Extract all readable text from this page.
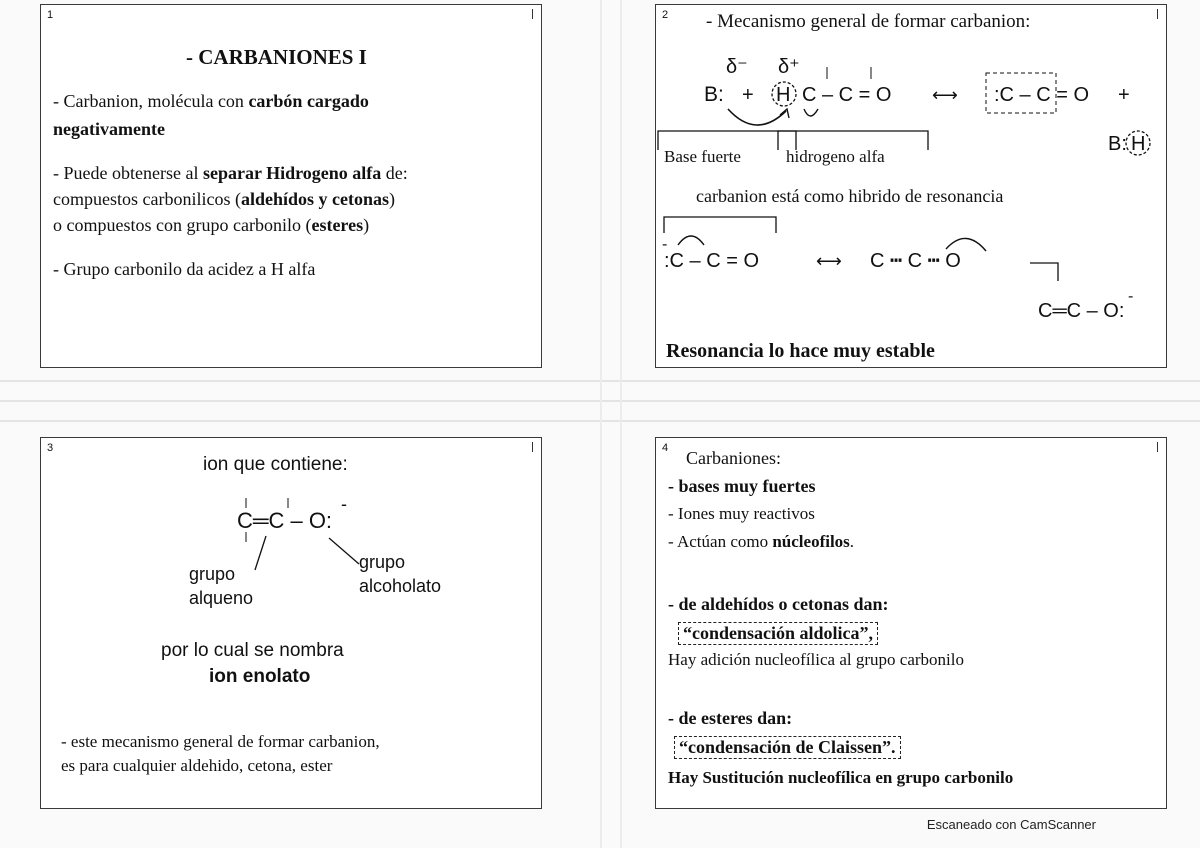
1
- CARBANIONES I
- Carbanion, molécula con carbón cargado
negativamente
- Puede obtenerse al separar Hidrogeno alfa de:
compuestos carbonilicos (aldehídos y cetonas)
o compuestos con grupo carbonilo (esteres)
- Grupo carbonilo da acidez a H alfa
2 - Mecanismo general de formar carbanion:
δ⁻ δ⁺
B: + H C – C = O ⟷ :C – C = O +
B: H
Base fuerte	hidrogeno alfa
carbanion está como hibrido de resonancia
:C – C = O
-
⟷ C ┅ C ┅ O
C═C – O:
-
Resonancia lo hace muy estable
3
ion que contiene:
C═C – O:
-
grupo
alqueno
grupo
alcoholato
por lo cual se nombra
ion enolato
- este mecanismo general de formar carbanion,
es para cualquier aldehido, cetona, ester
4 Carbaniones:
- bases muy fuertes
- Iones muy reactivos
- Actúan como núcleofilos.
- de aldehídos o cetonas dan:
“condensación aldolica”,
Hay adición nucleofílica al grupo carbonilo
- de esteres dan:
“condensación de Claissen”.
Hay Sustitución nucleofílica en grupo carbonilo
Escaneado con CamScanner
